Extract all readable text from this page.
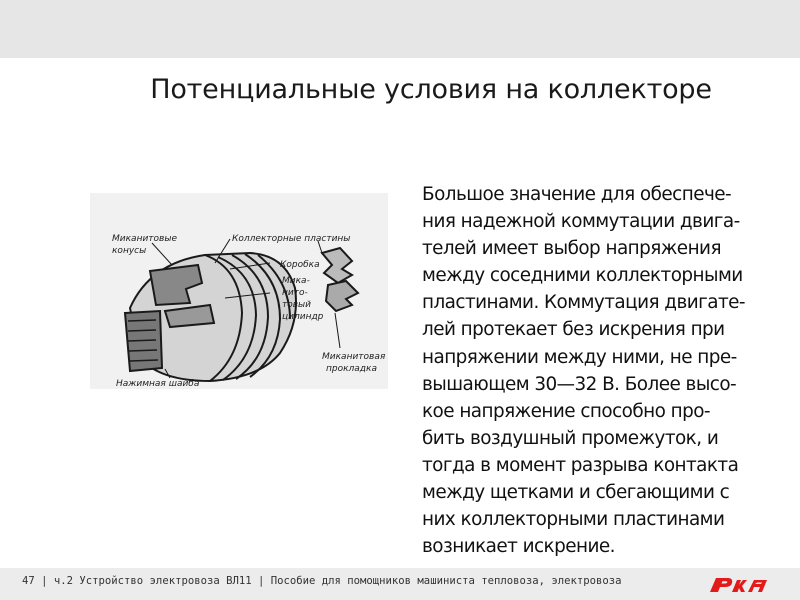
Потенциальные условия на коллекторе
Миканитовые
конусы
Коллекторные пластины
Коробка
Мика-
нито-
товый
цилиндр
Миканитовая
прокладка
Нажимная шайба
Большое значение для обеспече-
ния надежной коммутации двига-
телей имеет выбор напряжения
между соседними коллекторными
пластинами. Коммутация двигате-
лей протекает без искрения при
напряжении между ними, не пре-
вышающем 30—32 В. Более высо-
кое напряжение способно про-
бить воздушный промежуток, и
тогда в момент разрыва контакта
между щетками и сбегающими с
них коллекторными пластинами
возникает искрение.
47 | ч.2 Устройство электровоза ВЛ11 | Пособие для помощников машиниста тепловоза, электровоза
